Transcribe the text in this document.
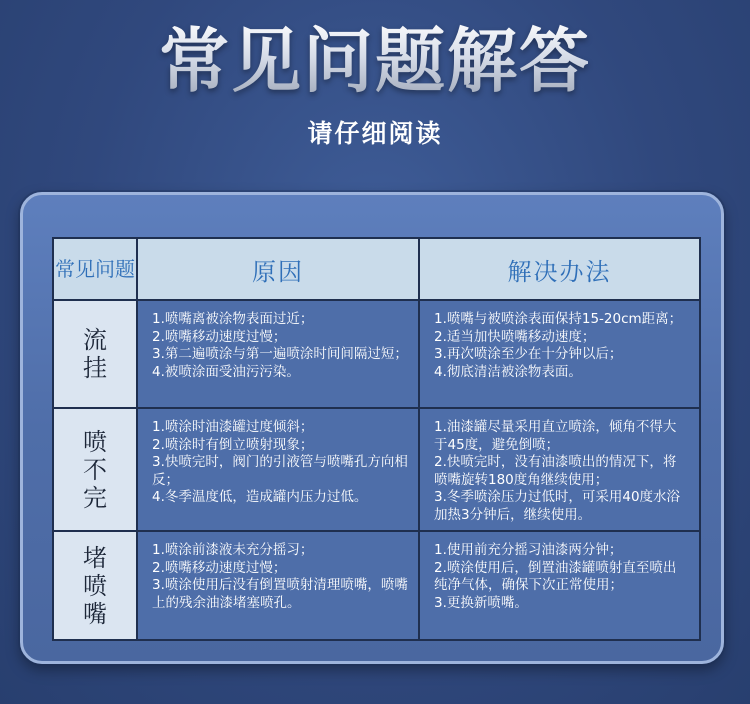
常见问题解答
请仔细阅读
常见问题	原因	解决办法

流挂	1.喷嘴离被涂物表面过近；
2.喷嘴移动速度过慢；
3.第二遍喷涂与第一遍喷涂时间间隔过短；
4.被喷涂面受油污污染。	1.喷嘴与被喷涂表面保持15-20cm距离；
2.适当加快喷嘴移动速度；
3.再次喷涂至少在十分钟以后；
4.彻底清洁被涂物表面。

喷不完	1.喷涂时油漆罐过度倾斜；
2.喷涂时有倒立喷射现象；
3.快喷完时，阀门的引液管与喷嘴孔方向相反；
4.冬季温度低，造成罐内压力过低。	1.油漆罐尽量采用直立喷涂，倾角不得大于45度，避免倒喷；
2.快喷完时，没有油漆喷出的情况下，将喷嘴旋转180度角继续使用；
3.冬季喷涂压力过低时，可采用40度水浴加热3分钟后，继续使用。

堵喷嘴	1.喷涂前漆液未充分摇习；
2.喷嘴移动速度过慢；
3.喷涂使用后没有倒置喷射清理喷嘴，喷嘴上的残余油漆堵塞喷孔。	1.使用前充分摇习油漆两分钟；
2.喷涂使用后，倒置油漆罐喷射直至喷出纯净气体，确保下次正常使用；
3.更换新喷嘴。
